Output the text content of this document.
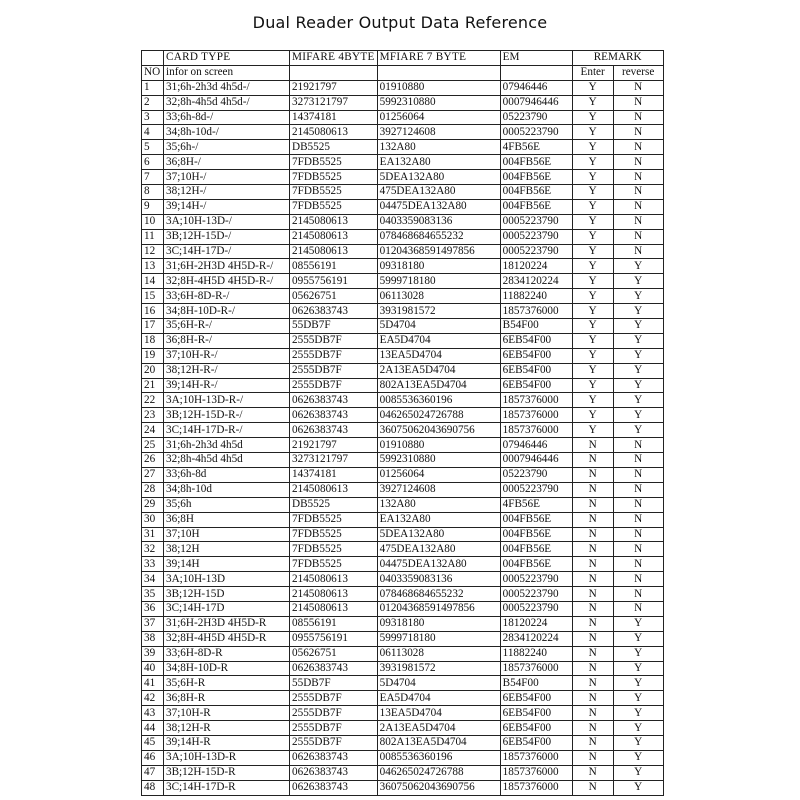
Dual Reader Output Data Reference
	CARD TYPE	MIFARE 4BYTE	MFIARE 7 BYTE	EM	REMARK	
NO	infor on screen				Enter	reverse
1	31;6h-2h3d 4h5d-/	21921797	01910880	07946446	Y	N
2	32;8h-4h5d 4h5d-/	3273121797	5992310880	0007946446	Y	N
3	33;6h-8d-/	14374181	01256064	05223790	Y	N
4	34;8h-10d-/	2145080613	3927124608	0005223790	Y	N
5	35;6h-/	DB5525	132A80	4FB56E	Y	N
6	36;8H-/	7FDB5525	EA132A80	004FB56E	Y	N
7	37;10H-/	7FDB5525	5DEA132A80	004FB56E	Y	N
8	38;12H-/	7FDB5525	475DEA132A80	004FB56E	Y	N
9	39;14H-/	7FDB5525	04475DEA132A80	004FB56E	Y	N
10	3A;10H-13D-/	2145080613	0403359083136	0005223790	Y	N
11	3B;12H-15D-/	2145080613	078468684655232	0005223790	Y	N
12	3C;14H-17D-/	2145080613	01204368591497856	0005223790	Y	N
13	31;6H-2H3D 4H5D-R-/	08556191	09318180	18120224	Y	Y
14	32;8H-4H5D 4H5D-R-/	0955756191	5999718180	2834120224	Y	Y
15	33;6H-8D-R-/	05626751	06113028	11882240	Y	Y
16	34;8H-10D-R-/	0626383743	3931981572	1857376000	Y	Y
17	35;6H-R-/	55DB7F	5D4704	B54F00	Y	Y
18	36;8H-R-/	2555DB7F	EA5D4704	6EB54F00	Y	Y
19	37;10H-R-/	2555DB7F	13EA5D4704	6EB54F00	Y	Y
20	38;12H-R-/	2555DB7F	2A13EA5D4704	6EB54F00	Y	Y
21	39;14H-R-/	2555DB7F	802A13EA5D4704	6EB54F00	Y	Y
22	3A;10H-13D-R-/	0626383743	0085536360196	1857376000	Y	Y
23	3B;12H-15D-R-/	0626383743	046265024726788	1857376000	Y	Y
24	3C;14H-17D-R-/	0626383743	36075062043690756	1857376000	Y	Y
25	31;6h-2h3d 4h5d	21921797	01910880	07946446	N	N
26	32;8h-4h5d 4h5d	3273121797	5992310880	0007946446	N	N
27	33;6h-8d	14374181	01256064	05223790	N	N
28	34;8h-10d	2145080613	3927124608	0005223790	N	N
29	35;6h	DB5525	132A80	4FB56E	N	N
30	36;8H	7FDB5525	EA132A80	004FB56E	N	N
31	37;10H	7FDB5525	5DEA132A80	004FB56E	N	N
32	38;12H	7FDB5525	475DEA132A80	004FB56E	N	N
33	39;14H	7FDB5525	04475DEA132A80	004FB56E	N	N
34	3A;10H-13D	2145080613	0403359083136	0005223790	N	N
35	3B;12H-15D	2145080613	078468684655232	0005223790	N	N
36	3C;14H-17D	2145080613	01204368591497856	0005223790	N	N
37	31;6H-2H3D 4H5D-R	08556191	09318180	18120224	N	Y
38	32;8H-4H5D 4H5D-R	0955756191	5999718180	2834120224	N	Y
39	33;6H-8D-R	05626751	06113028	11882240	N	Y
40	34;8H-10D-R	0626383743	3931981572	1857376000	N	Y
41	35;6H-R	55DB7F	5D4704	B54F00	N	Y
42	36;8H-R	2555DB7F	EA5D4704	6EB54F00	N	Y
43	37;10H-R	2555DB7F	13EA5D4704	6EB54F00	N	Y
44	38;12H-R	2555DB7F	2A13EA5D4704	6EB54F00	N	Y
45	39;14H-R	2555DB7F	802A13EA5D4704	6EB54F00	N	Y
46	3A;10H-13D-R	0626383743	0085536360196	1857376000	N	Y
47	3B;12H-15D-R	0626383743	046265024726788	1857376000	N	Y
48	3C;14H-17D-R	0626383743	36075062043690756	1857376000	N	Y
